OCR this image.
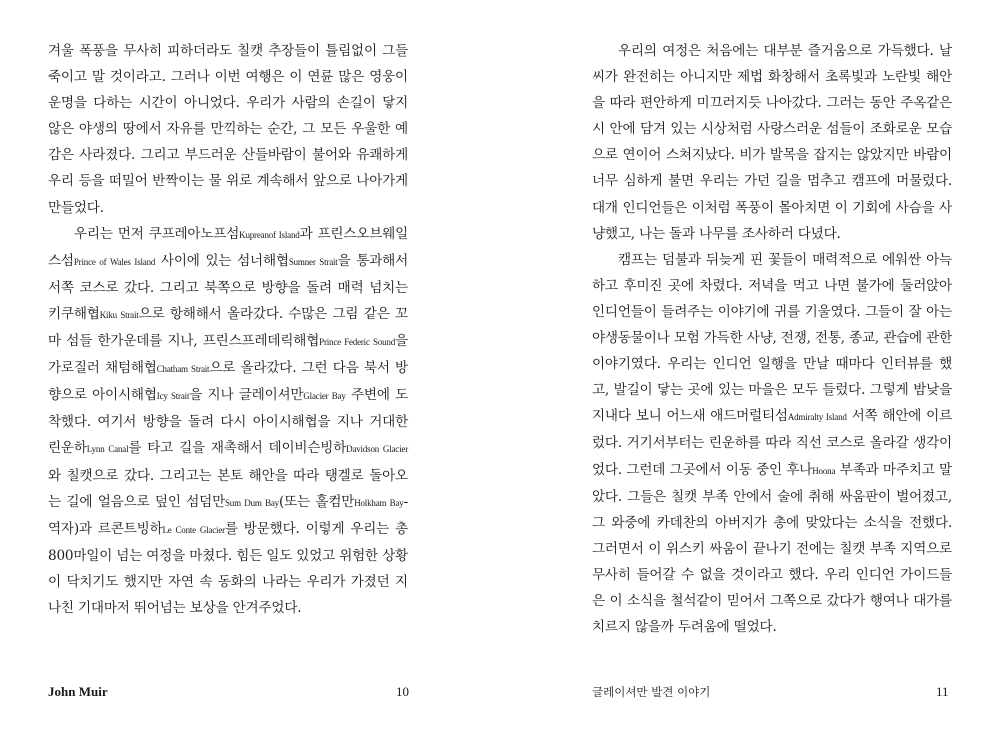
겨울 폭풍을 무사히 피하더라도 칠캣 추장들이 틀림없이 그들 죽이고 말 것이라고. 그러나 이번 여행은 이 연륜 많은 영웅이 운명을 다하는 시간이 아니었다. 우리가 사람의 손길이 닿지 않은 야생의 땅에서 자유를 만끽하는 순간, 그 모든 우울한 예감은 사라졌다. 그리고 부드러운 산들바람이 불어와 유쾌하게 우리 등을 떠밀어 반짝이는 물 위로 계속해서 앞으로 나아가게 만들었다.

우리는 먼저 쿠프레아노프섬Kupreanof Island과 프린스오브웨일스섬Prince of Wales Island 사이에 있는 섬너해협Sumner Strait을 통과해서 서쪽 코스로 갔다. 그리고 북쪽으로 방향을 돌려 매력 넘치는 키쿠해협Kiku Strait으로 항해해서 올라갔다. 수많은 그림 같은 꼬마 섬들 한가운데를 지나, 프린스프레데릭해협Prince Federic Sound을 가로질러 채텀해협Chatham Strait으로 올라갔다. 그런 다음 북서 방향으로 아이시해협Icy Strait을 지나 글레이셔만Glacier Bay 주변에 도착했다. 여기서 방향을 돌려 다시 아이시해협을 지나 거대한 린운하Lynn Canal를 타고 길을 재촉해서 데이비슨빙하Davidson Glacier와 칠캣으로 갔다. 그리고는 본토 해안을 따라 탱겔로 돌아오는 길에 얼음으로 덮인 섬덤만Sum Dum Bay(또는 홀컴만Holkham Bay-역자)과 르콘트빙하Le Conte Glacier를 방문했다. 이렇게 우리는 총 800마일이 넘는 여정을 마쳤다. 힘든 일도 있었고 위험한 상황이 닥치기도 했지만 자연 속 동화의 나라는 우리가 가졌던 지나친 기대마저 뛰어넘는 보상을 안겨주었다.

John Muir	10

우리의 여정은 처음에는 대부분 즐거움으로 가득했다. 날씨가 완전히는 아니지만 제법 화창해서 초록빛과 노란빛 해안을 따라 편안하게 미끄러지듯 나아갔다. 그러는 동안 주옥같은 시 안에 담겨 있는 시상처럼 사랑스러운 섬들이 조화로운 모습으로 연이어 스쳐지났다. 비가 발목을 잡지는 않았지만 바람이 너무 심하게 불면 우리는 가던 길을 멈추고 캠프에 머물렀다. 대개 인디언들은 이처럼 폭풍이 몰아치면 이 기회에 사슴을 사냥했고, 나는 돌과 나무를 조사하러 다녔다.

캠프는 덤불과 뒤늦게 핀 꽃들이 매력적으로 에워싼 아늑하고 후미진 곳에 차렸다. 저녁을 먹고 나면 불가에 둘러앉아 인디언들이 들려주는 이야기에 귀를 기울였다. 그들이 잘 아는 야생동물이나 모험 가득한 사냥, 전쟁, 전통, 종교, 관습에 관한 이야기였다. 우리는 인디언 일행을 만날 때마다 인터뷰를 했고, 발길이 닿는 곳에 있는 마을은 모두 들렀다. 그렇게 밤낮을 지내다 보니 어느새 애드머럴티섬Admiralty Island 서쪽 해안에 이르렀다. 거기서부터는 린운하를 따라 직선 코스로 올라갈 생각이었다. 그런데 그곳에서 이동 중인 후나Hoona 부족과 마주치고 말았다. 그들은 칠캣 부족 안에서 술에 취해 싸움판이 벌어졌고, 그 와중에 카데찬의 아버지가 총에 맞았다는 소식을 전했다. 그러면서 이 위스키 싸움이 끝나기 전에는 칠캣 부족 지역으로 무사히 들어갈 수 없을 것이라고 했다. 우리 인디언 가이드들은 이 소식을 철석같이 믿어서 그쪽으로 갔다가 행여나 대가를 치르지 않을까 두려움에 떨었다.

글레이셔만 발견 이야기	11
